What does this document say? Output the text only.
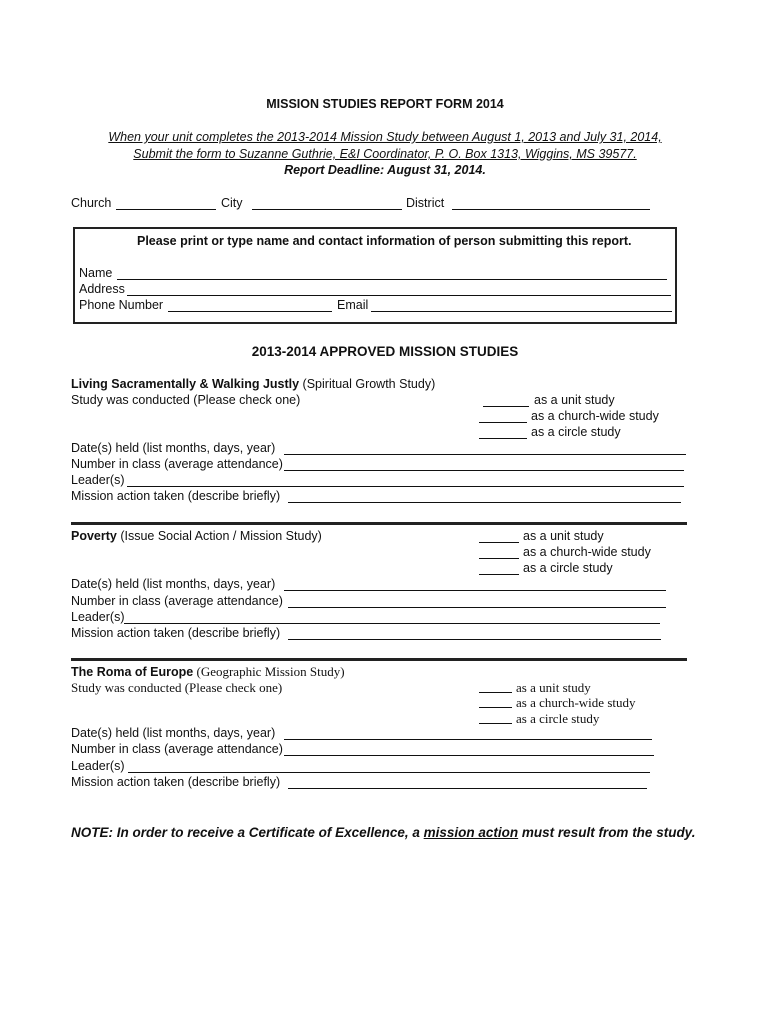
MISSION STUDIES REPORT FORM 2014
When your unit completes the 2013-2014 Mission Study between August 1, 2013 and July 31, 2014,
Submit the form to Suzanne Guthrie, E&I Coordinator, P. O. Box 1313, Wiggins, MS 39577.
Report Deadline: August 31, 2014.
Church	City	District
Please print or type name and contact information of person submitting this report.
Name
Address
Phone Number	Email
2013-2014 APPROVED MISSION STUDIES
Living Sacramentally & Walking Justly (Spiritual Growth Study)
Study was conducted (Please check one)	as a unit study
as a church-wide study
as a circle study
Date(s) held (list months, days, year)
Number in class (average attendance)
Leader(s)
Mission action taken (describe briefly)
Poverty (Issue Social Action / Mission Study)	as a unit study
as a church-wide study
as a circle study
Date(s) held (list months, days, year)
Number in class (average attendance)
Leader(s)
Mission action taken (describe briefly)
The Roma of Europe (Geographic Mission Study)
Study was conducted (Please check one)	as a unit study
as a church-wide study
as a circle study
Date(s) held (list months, days, year)
Number in class (average attendance)
Leader(s)
Mission action taken (describe briefly)
NOTE: In order to receive a Certificate of Excellence, a mission action must result from the study.
